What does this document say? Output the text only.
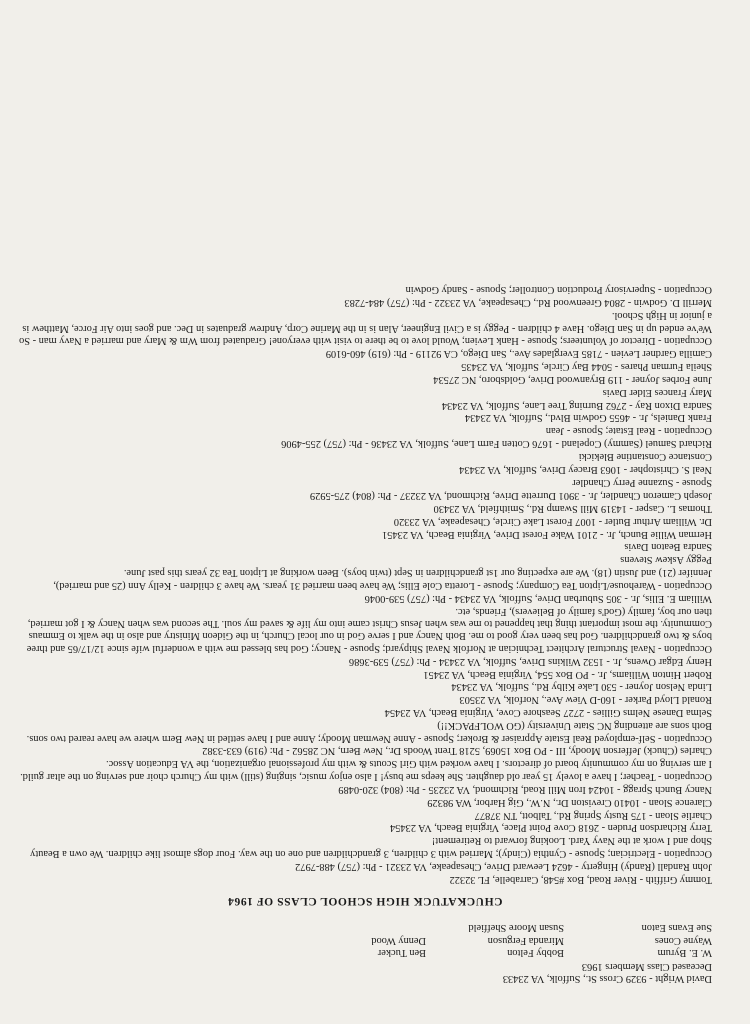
David Wright - 9329 Cross St., Suffolk, VA 23433
Deceased Class Members 1963
W. E. Byrum
Bobby Felton
Ben Tucker
Wayne Cones
Miranda Ferguson
Denny Wood
Sue Evans Eaton
Susan Moore Sheffield
CHUCKATUCK HIGH SCHOOL CLASS OF 1964
Tommy Griffith - River Road, Box #548, Carrabelle, FL 32322
John Randall (Randy) Hingerty - 4624 Leeward Drive, Chesapeake, VA 23321 - Ph: (757) 488-7972
Occupation - Electrician; Spouse - Cynthia (Cindy); Married with 3 children, 3 grandchildren and one on the way. Four dogs almost like children. We own a Beauty Shop and I work at the Navy Yard. Looking forward to Retirement!
Terry Richardson Pruden - 2618 Cove Point Place, Virginia Beach, VA 23454
Charlie Sloan - 175 Rusty Spring Rd., Talbott, TN 37877
Clarence Sloan - 10410 Creviston Dr., N.W., Gig Harbor, WA 98329
Nancy Bunch Spragg - 10424 Iron Mill Road, Richmond, VA 23235 - Ph: (804) 320-0489
Occupation - Teacher; I have a lovely 15 year old daughter. She keeps me busy! I also enjoy music, singing (still) with my Church choir and serving on the altar guild. I am serving on my community board of directors. I have worked with Girl Scouts & with my professional organization, the VA Education Assoc.
Charles (Chuck) Jefferson Moody, III - PO Box 15069, 5218 Trent Woods Dr., New Bern, NC 28562 - Ph: (919) 633-3382
Occupation - Self-employed Real Estate Appraiser & Broker; Spouse - Anne Newman Moody; Anne and I have settled in New Bern where we have reared two sons. Both sons are attending NC State University (GO WOLFPACK!!)
Selma Danese Nelms Gillies - 2727 Seashore Cove, Virginia Beach, VA 23454
Ronald Lloyd Parker - 160-D View Ave., Norfolk, VA 23503
Linda Nelson Joyner - 530 Lake Kilby Rd., Suffolk, VA 23434
Robert Hinton Williams, Jr. - PO Box 554, Virginia Beach, VA 23451
Henry Edgar Owens, Jr. - 1532 Wilkins Drive, Suffolk, VA 23434 - Ph: (757) 539-3686
Occupation - Naval Structural Architect Technician at Norfolk Naval Shipyard; Spouse - Nancy; God has blessed me with a wonderful wife since 12/17/65 and three boys & two grandchildren. God has been very good to me. Both Nancy and I serve God in our local Church, in the Gideon Ministry and also in the walk to Emmaus Community. the most important thing that happened to me was when Jesus Christ came into my life & saved my soul. The second was when Nancy & I got married, then our boy, family (God's family of Believers), Friends, etc.
William E. Ellis, Jr. - 305 Suburban Drive, Suffolk, VA 23434 - Ph: (757) 539-0046
Occupation - Warehouse/Lipton Tea Company; Spouse - Loretta Cole Ellis; We have been married 31 years. We have 3 children - Kelly Ann (25 and married), Jennifer (21) and Justin (18). We are expecting our 1st grandchildren in Sept (twin boys). Been working at Lipton Tea 32 years this past June.
Peggy Askew Stevens
Sandra Beaton Davis
Herman Willie Bunch, Jr. - 2101 Wake Forest Drive, Virginia Beach, VA 23451
Dr. William Arthur Butler - 1007 Forest Lake Circle, Chesapeake, VA 23320
Thomas L. Casper - 14319 Mill Swamp Rd., Smithfield, VA 23430
Joseph Cameron Chandler, Jr. - 3901 Durrette Drive, Richmond, VA 23237 - Ph: (804) 275-5929
Spouse - Suzanne Perry Chandler
Neal S. Christopher - 1063 Bracey Drive, Suffolk, VA 23434
Constance Constantine Blekicki
Richard Samuel (Sammy) Copeland - 1676 Cotten Farm Lane, Suffolk, VA 23436 - Ph: (757) 255-4906
Occupation - Real Estate; Spouse - Jean
Frank Daniels, Jr. - 4655 Godwin Blvd., Suffolk, VA 23434
Sandra Dixon Ray - 2762 Burning Tree Lane, Suffolk, VA 23434
Mary Frances Elder Davis
June Forbes Joyner - 119 Bryanwood Drive, Goldsboro, NC 27534
Sheila Furman Phares - 5044 Bay Circle, Suffolk, VA 23435
Camilla Gardner Levien - 7185 Everglades Ave., San Diego, CA 92119 - Ph: (619) 460-6109
Occupation - Director of Volunteers; Spouse - Hank Levien; Would love to be there to visit with everyone! Graduated from Wm & Mary and married a Navy man - So We've ended up in San Diego. Have 4 children - Peggy is a Civil Engineer, Alan is in the Marine Corp, Andrew graduates in Dec. and goes into Air Force, Matthew is a junior in High School.
Merrill D. Godwin - 2804 Greenwood Rd., Chesapeake, VA 23322 - Ph: (757) 484-7283
Occupation - Supervisory Production Controller; Spouse - Sandy Godwin
